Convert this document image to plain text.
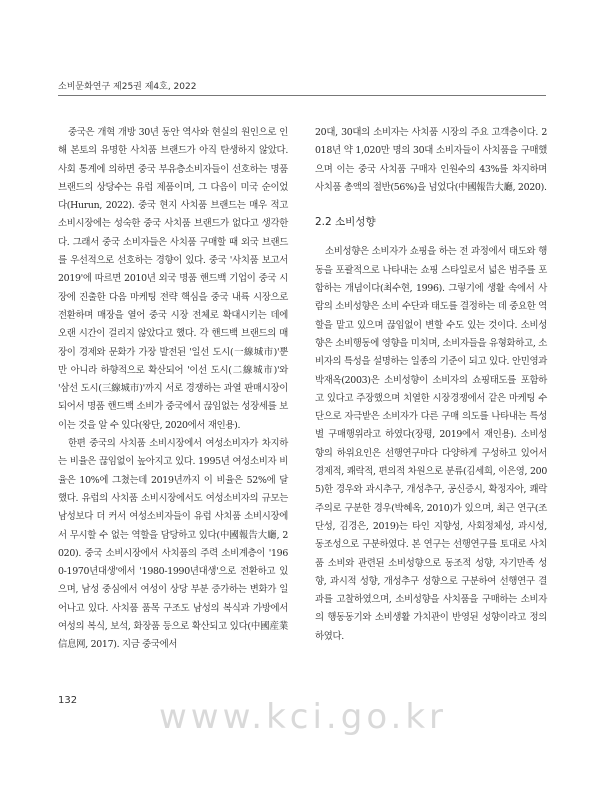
소비문화연구 제25권 제4호, 2022

중국은 개혁 개방 30년 동안 역사와 현실의 원인으로 인해 본토의 유명한 사치품 브랜드가 아직 탄생하지 않았다. 사회 통계에 의하면 중국 부유층소비자들이 선호하는 명품브랜드의 상당수는 유럽 제품이며, 그 다음이 미국 순이었다(Hurun, 2022). 중국 현지 사치품 브랜드는 매우 적고 소비시장에는 성숙한 중국 사치품 브랜드가 없다고 생각한다. 그래서 중국 소비자들은 사치품 구매할 때 외국 브랜드를 우선적으로 선호하는 경향이 있다. 중국 '사치품 보고서 2019'에 따르면 2010년 외국 명품 핸드백 기업이 중국 시장에 진출한 다음 마케팅 전략 핵심을 중국 내륙 시장으로 전환하며 매장을 열어 중국 시장 전체로 확대시키는 데에 오랜 시간이 걸리지 않았다고 했다. 각 핸드백 브랜드의 매장이 경제와 문화가 가장 발전된 '일선 도시(一線城市)'뿐만 아니라 하향적으로 확산되어 '이선 도시(二線城市)'와 '삼선 도시(三線城市)'까지 서로 경쟁하는 과열 판매시장이 되어서 명품 핸드백 소비가 중국에서 끊임없는 성장세를 보이는 것을 알 수 있다(왕단, 2020에서 재인용).

한편 중국의 사치품 소비시장에서 여성소비자가 차지하는 비율은 끊임없이 높아지고 있다. 1995년 여성소비자 비율은 10%에 그쳤는데 2019년까지 이 비율은 52%에 달했다. 유럽의 사치품 소비시장에서도 여성소비자의 규모는 남성보다 더 커서 여성소비자들이 유럽 사치품 소비시장에서 무시할 수 없는 역할을 담당하고 있다(中國報告大廳, 2020). 중국 소비시장에서 사치품의 주력 소비계층이 '1960-1970년대생'에서 '1980-1990년대생'으로 전환하고 있으며, 남성 중심에서 여성이 상당 부분 증가하는 변화가 일어나고 있다. 사치품 품목 구조도 남성의 복식과 가방에서 여성의 복식, 보석, 화장품 등으로 확산되고 있다(中國産業信息网, 2017). 지금 중국에서

20대, 30대의 소비자는 사치품 시장의 주요 고객층이다. 2018년 약 1,020만 명의 30대 소비자들이 사치품을 구매했으며 이는 중국 사치품 구매자 인원수의 43%를 차지하며 사치품 총액의 절반(56%)을 넘었다(中國報告大廳, 2020).

2.2 소비성향

소비성향은 소비자가 쇼핑을 하는 전 과정에서 태도와 행동을 포괄적으로 나타내는 쇼핑 스타일로서 넓은 범주를 포함하는 개념이다(최수현, 1996). 그렇기에 생활 속에서 사람의 소비성향은 소비 수단과 태도를 결정하는 데 중요한 역할을 맡고 있으며 끊임없이 변할 수도 있는 것이다. 소비성향은 소비행동에 영향을 미치며, 소비자들을 유형화하고, 소비자의 특성을 설명하는 일종의 기준이 되고 있다. 안민영과 박재옥(2003)은 소비성향이 소비자의 쇼핑태도를 포함하고 있다고 주장했으며 치열한 시장경쟁에서 같은 마케팅 수단으로 자극받은 소비자가 다른 구매 의도를 나타내는 특성별 구매행위라고 하였다(장평, 2019에서 재인용). 소비성향의 하위요인은 선행연구마다 다양하게 구성하고 있어서 경제적, 쾌락적, 편의적 차원으로 분류(김세희, 이은영, 2005)한 경우와 과시추구, 개성추구, 공신증시, 확정자아, 쾌락주의로 구분한 경우(박혜옥, 2010)가 있으며, 최근 연구(조단성, 김경은, 2019)는 타인 지향성, 사회정체성, 과시성, 동조성으로 구분하였다. 본 연구는 선행연구를 토대로 사치품 소비와 관련된 소비성향으로 동조적 성향, 자기만족 성향, 과시적 성향, 개성추구 성향으로 구분하여 선행연구 결과를 고찰하였으며, 소비성향을 사치품을 구매하는 소비자의 행동동기와 소비생활 가치관이 반영된 성향이라고 정의하였다.

132	www.kci.go.kr
